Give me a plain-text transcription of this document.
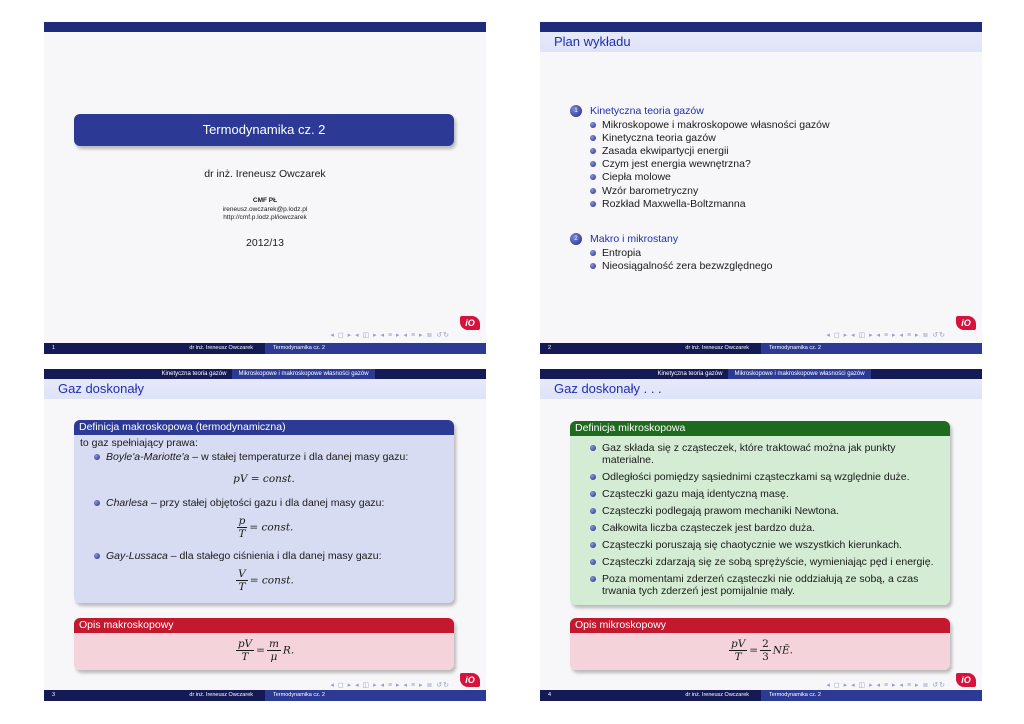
Termodynamika cz. 2
dr inż. Ireneusz Owczarek
CMF PŁ
ireneusz.owczarek@p.lodz.pl
http://cmf.p.lodz.pl/iowczarek
2012/13
iO
◂ ◻ ▸ ◂ ◫ ▸ ◂ ≡ ▸ ◂ ≡ ▸ ≣ ↺↻
1	dr inż. Ireneusz Owczarek	Termodynamika cz. 2
Plan wykładu
1	Kinetyczna teoria gazów
Mikroskopowe i makroskopowe własności gazów
Kinetyczna teoria gazów
Zasada ekwipartycji energii
Czym jest energia wewnętrzna?
Ciepła molowe
Wzór barometryczny
Rozkład Maxwella-Boltzmanna
2	Makro i mikrostany
Entropia
Nieosiągalność zera bezwzględnego
iO
◂ ◻ ▸ ◂ ◫ ▸ ◂ ≡ ▸ ◂ ≡ ▸ ≣ ↺↻
2	dr inż. Ireneusz Owczarek	Termodynamika cz. 2
Kinetyczna teoria gazów	Mikroskopowe i makroskopowe własności gazów
Gaz doskonały
Definicja makroskopowa (termodynamiczna)
to gaz spełniający prawa:
Boyle'a-Mariotte'a – w stałej temperaturze i dla danej masy gazu:
pV = const.
Charlesa – przy stałej objętości gazu i dla danej masy gazu:
$\frac{p}{T}$ = const.
Gay-Lussaca – dla stałego ciśnienia i dla danej masy gazu:
$\frac{V}{T}$ = const.
Opis makroskopowy
$\frac{pV}{T} = \frac{m}{\mu} R$.
iO
◂ ◻ ▸ ◂ ◫ ▸ ◂ ≡ ▸ ◂ ≡ ▸ ≣ ↺↻
3	dr inż. Ireneusz Owczarek	Termodynamika cz. 2
Kinetyczna teoria gazów	Mikroskopowe i makroskopowe własności gazów
Gaz doskonały . . .
Definicja mikroskopowa
Gaz składa się z cząsteczek, które traktować można jak punkty materialne.
Odległości pomiędzy sąsiednimi cząsteczkami są względnie duże.
Cząsteczki gazu mają identyczną masę.
Cząsteczki podlegają prawom mechaniki Newtona.
Całkowita liczba cząsteczek jest bardzo duża.
Cząsteczki poruszają się chaotycznie we wszystkich kierunkach.
Cząsteczki zdarzają się ze sobą sprężyście, wymieniając pęd i energię.
Poza momentami zderzeń cząsteczki nie oddziałują ze sobą, a czas trwania tych zderzeń jest pomijalnie mały.
Opis mikroskopowy
$\frac{pV}{T} = \frac{2}{3}$ NĒ.
iO
◂ ◻ ▸ ◂ ◫ ▸ ◂ ≡ ▸ ◂ ≡ ▸ ≣ ↺↻
4	dr inż. Ireneusz Owczarek	Termodynamika cz. 2
